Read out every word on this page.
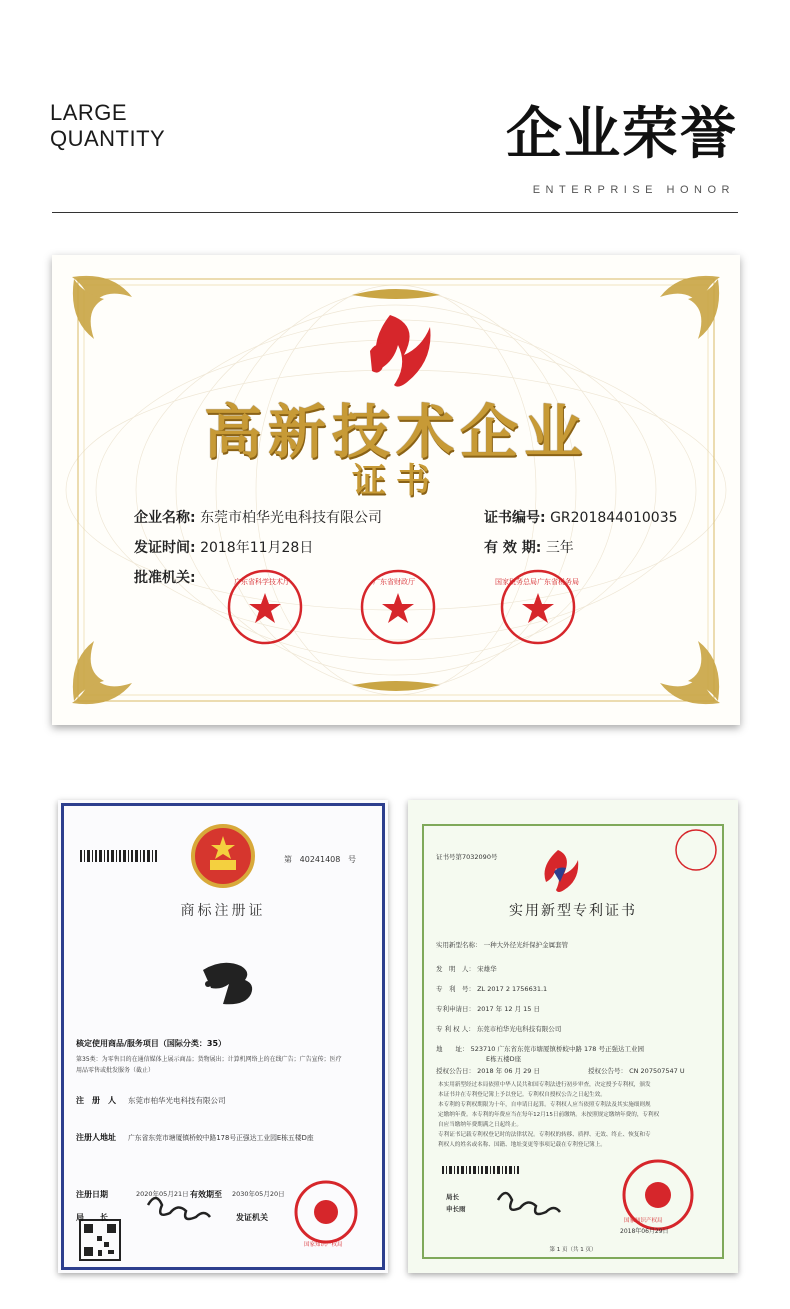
LARGE
QUANTITY	企业荣誉
ENTERPRISE HONOR
高新技术企业
证书
企业名称: 东莞市柏华光电科技有限公司	证书编号: GR201844010035
发证时间: 2018年11月28日	有 效 期: 三年
批准机关:	广东省科学技术厅	广东省财政厅	国家税务总局广东省税务局
第 40241408 号
商标注册证
核定使用商品/服务项目（国际分类：35）
第35类：为零售目的在通信媒体上展示商品；货物展出；计算机网络上的在线广告；广告宣传；医疗
用品零售或批发服务（截止）
注　册　人 东莞市柏华光电科技有限公司
注册人地址 广东省东莞市塘厦镇桥蛟中路178号正强达工业园E栋五楼D座
注册日期	2020年05月21日 有效期至 2030年05月20日
局　　长	发证机关
国家知识产权局
证书号第7032090号
实用新型专利证书
实用新型名称： 一种大外径光纤保护金属套管
发　明　人： 宋雄华
专　利　号： ZL 2017 2 1756631.1
专利申请日： 2017 年 12 月 15 日
专 利 权 人： 东莞市柏华光电科技有限公司
地　　址： 523710 广东省东莞市塘厦镇桥蛟中路 178 号正强达工业园
E栋五楼D座
授权公告日： 2018 年 06 月 29 日	授权公告号： CN 207507547 U
本实用新型经过本局依照中华人民共和国专利法进行初步审查，决定授予专利权，颁发
本证书并在专利登记簿上予以登记。专利权自授权公告之日起生效。
本专利的专利权期限为十年，自申请日起算。专利权人应当依照专利法及其实施细则规
定缴纳年费。本专利的年费应当在每年12月15日前缴纳。未按照规定缴纳年费的，专利权
自应当缴纳年费期满之日起终止。
专利证书记载专利权登记时的法律状况。专利权的转移、质押、无效、终止、恢复和专
利权人的姓名或名称、国籍、地址变更等事项记载在专利登记簿上。
局长
申长雨
国家知识产权局
2018年06月29日
第 1 页（共 1 页）
